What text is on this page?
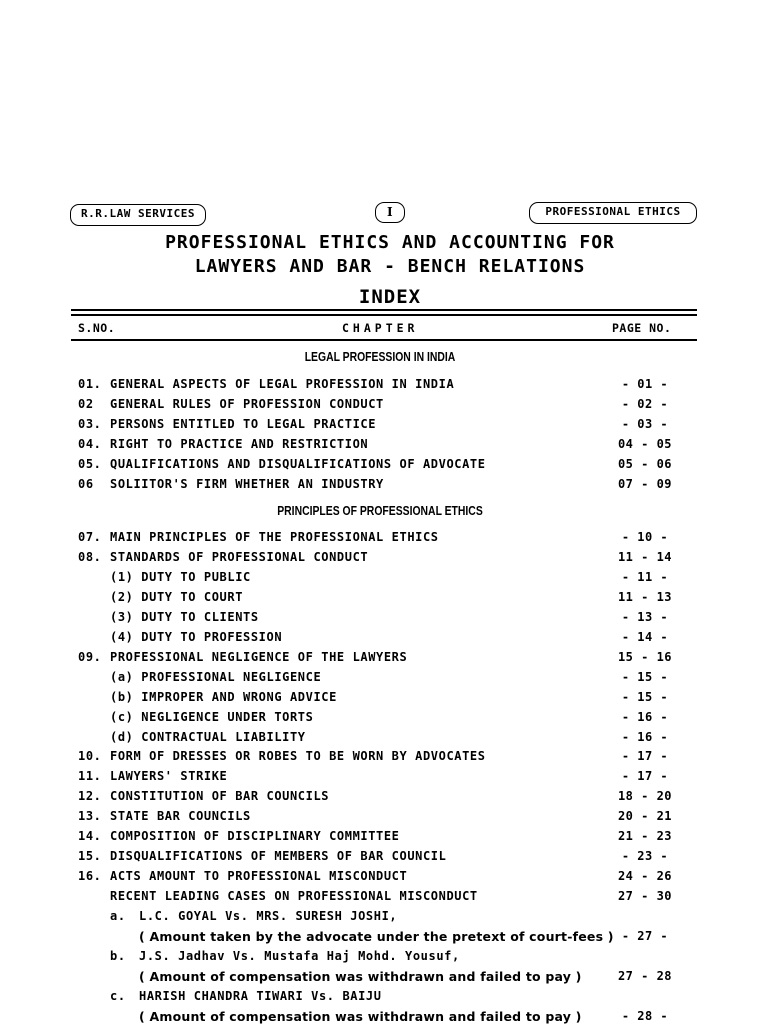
R.R.LAW SERVICES	I	PROFESSIONAL ETHICS
PROFESSIONAL ETHICS AND ACCOUNTING FOR
LAWYERS AND BAR - BENCH RELATIONS
INDEX
S.NO.	CHAPTER	PAGE NO.
LEGAL PROFESSION IN INDIA
PRINCIPLES OF PROFESSIONAL ETHICS
01. GENERAL ASPECTS OF LEGAL PROFESSION IN INDIA	- 01 -
02 GENERAL RULES OF PROFESSION CONDUCT	- 02 -
03. PERSONS ENTITLED TO LEGAL PRACTICE	- 03 -
04. RIGHT TO PRACTICE AND RESTRICTION	04 - 05
05. QUALIFICATIONS AND DISQUALIFICATIONS OF ADVOCATE	05 - 06
06 SOLIITOR'S FIRM WHETHER AN INDUSTRY	07 - 09
07. MAIN PRINCIPLES OF THE PROFESSIONAL ETHICS	- 10 -
08. STANDARDS OF PROFESSIONAL CONDUCT	11 - 14
(1) DUTY TO PUBLIC	- 11 -
(2) DUTY TO COURT	11 - 13
(3) DUTY TO CLIENTS	- 13 -
(4) DUTY TO PROFESSION	- 14 -
09. PROFESSIONAL NEGLIGENCE OF THE LAWYERS	15 - 16
(a) PROFESSIONAL NEGLIGENCE	- 15 -
(b) IMPROPER AND WRONG ADVICE	- 15 -
(c) NEGLIGENCE UNDER TORTS	- 16 -
(d) CONTRACTUAL LIABILITY	- 16 -
10. FORM OF DRESSES OR ROBES TO BE WORN BY ADVOCATES	- 17 -
11. LAWYERS' STRIKE	- 17 -
12. CONSTITUTION OF BAR COUNCILS	18 - 20
13. STATE BAR COUNCILS	20 - 21
14. COMPOSITION OF DISCIPLINARY COMMITTEE	21 - 23
15. DISQUALIFICATIONS OF MEMBERS OF BAR COUNCIL	- 23 -
16. ACTS AMOUNT TO PROFESSIONAL MISCONDUCT	24 - 26
RECENT LEADING CASES ON PROFESSIONAL MISCONDUCT	27 - 30
a. L.C. GOYAL Vs. MRS. SURESH JOSHI,
( Amount taken by the advocate under the pretext of court-fees ) - 27 -
b. J.S. Jadhav Vs. Mustafa Haj Mohd. Yousuf,
( Amount of compensation was withdrawn and failed to pay )	27 - 28
c. HARISH CHANDRA TIWARI Vs. BAIJU
( Amount of compensation was withdrawn and failed to pay )	- 28 -
